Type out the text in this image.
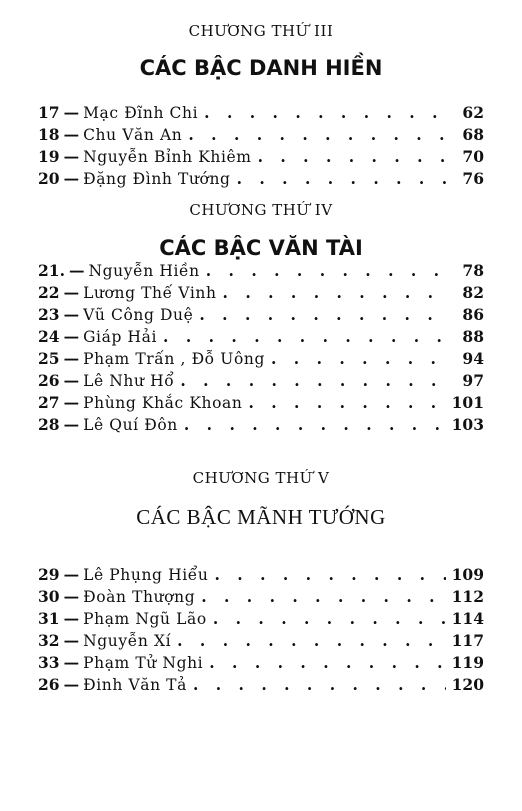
CHƯƠNG THỨ III
CÁC BẬC DANH HIỀN
17 — Mạc Đĩnh Chi . . .	62
18 — Chu Văn An . . .	68
19 — Nguyễn Bỉnh Khiêm . . .	70
20 — Đặng Đình Tướng . . .	76
CHƯƠNG THỨ IV
CÁC BẬC VĂN TÀI
21. — Nguyễn Hiền . . .	78
22 — Lương Thế Vinh . . .	82
23 — Vũ Công Duệ . . .	86
24 — Giáp Hải . . .	88
25 — Phạm Trấn , Đỗ Uông . . .	94
26 — Lê Như Hổ . . .	97
27 — Phùng Khắc Khoan . . .	101
28 — Lê Quí Đôn . . .	103
CHƯƠNG THỨ V
CÁC BẬC MÃNH TƯỚNG
29 — Lê Phụng Hiểu . . .	109
30 — Đoàn Thượng . . .	112
31 — Phạm Ngũ Lão . . .	114
32 — Nguyễn Xí . . .	117
33 — Phạm Tử Nghi . . .	119
26 — Đinh Văn Tả . . .	120
